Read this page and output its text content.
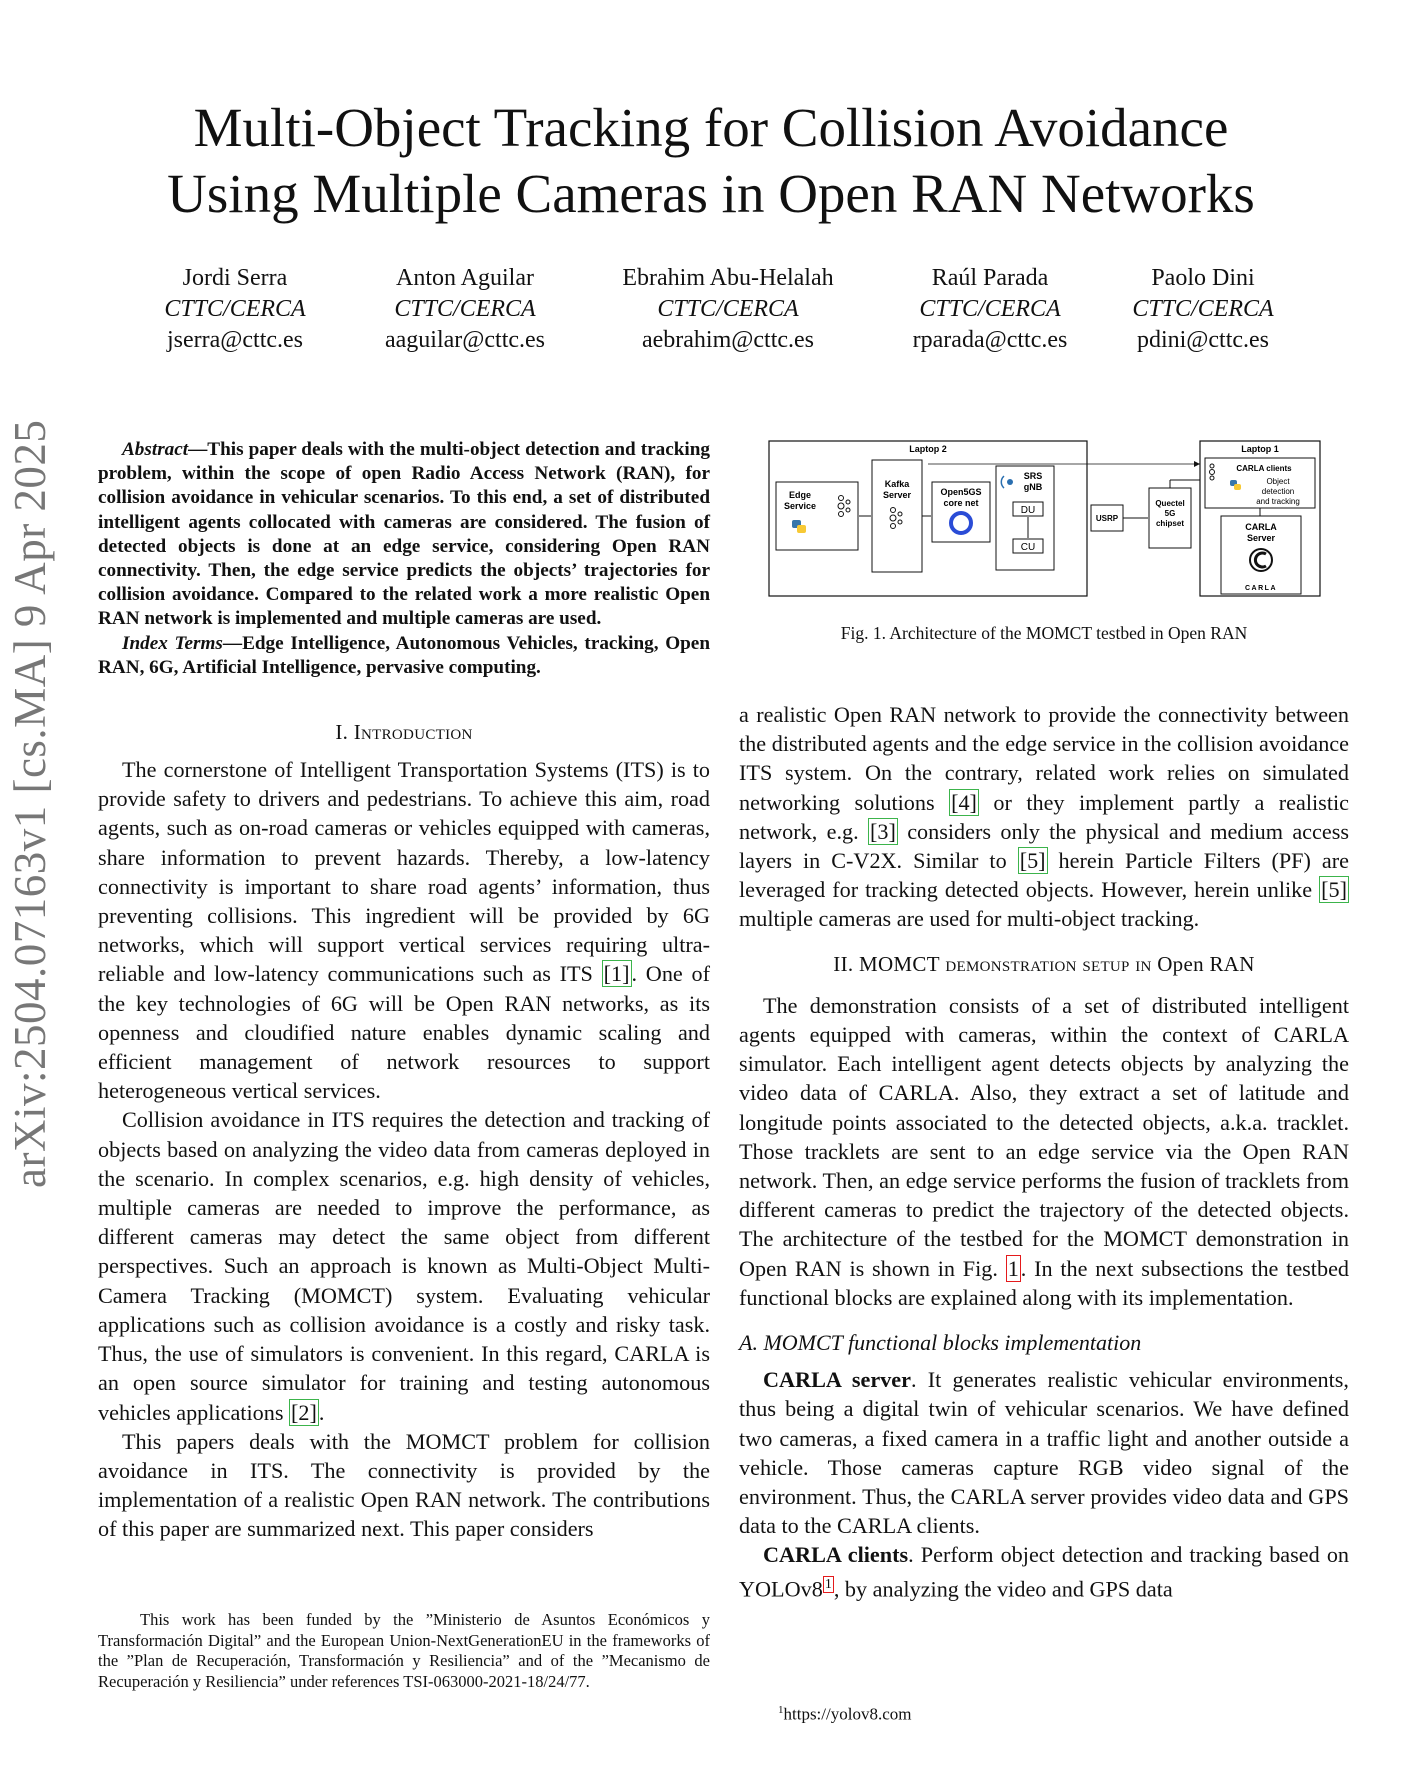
arXiv:2504.07163v1 [cs.MA] 9 Apr 2025
Multi-Object Tracking for Collision Avoidance
Using Multiple Cameras in Open RAN Networks
Jordi Serra
CTTC/CERCA
jserra@cttc.es
Anton Aguilar
CTTC/CERCA
aaguilar@cttc.es
Ebrahim Abu-Helalah
CTTC/CERCA
aebrahim@cttc.es
Raúl Parada
CTTC/CERCA
rparada@cttc.es
Paolo Dini
CTTC/CERCA
pdini@cttc.es

Abstract—This paper deals with the multi-object detection and tracking problem, within the scope of open Radio Access Network (RAN), for collision avoidance in vehicular scenarios. To this end, a set of distributed intelligent agents collocated with cameras are considered. The fusion of detected objects is done at an edge service, considering Open RAN connectivity. Then, the edge service predicts the objects’ trajectories for collision avoidance. Compared to the related work a more realistic Open RAN network is implemented and multiple cameras are used.

Index Terms—Edge Intelligence, Autonomous Vehicles, tracking, Open RAN, 6G, Artificial Intelligence, pervasive computing.

I. Introduction

The cornerstone of Intelligent Transportation Systems (ITS) is to provide safety to drivers and pedestrians. To achieve this aim, road agents, such as on-road cameras or vehicles equipped with cameras, share information to prevent hazards. Thereby, a low-latency connectivity is important to share road agents’ information, thus preventing collisions. This ingredient will be provided by 6G networks, which will support vertical services requiring ultra-reliable and low-latency communications such as ITS [1]. One of the key technologies of 6G will be Open RAN networks, as its openness and cloudified nature enables dynamic scaling and efficient management of network resources to support heterogeneous vertical services.

Collision avoidance in ITS requires the detection and tracking of objects based on analyzing the video data from cameras deployed in the scenario. In complex scenarios, e.g. high density of vehicles, multiple cameras are needed to improve the performance, as different cameras may detect the same object from different perspectives. Such an approach is known as Multi-Object Multi-Camera Tracking (MOMCT) system. Evaluating vehicular applications such as collision avoidance is a costly and risky task. Thus, the use of simulators is convenient. In this regard, CARLA is an open source simulator for training and testing autonomous vehicles applications [2].

This papers deals with the MOMCT problem for collision avoidance in ITS. The connectivity is provided by the implementation of a realistic Open RAN network. The contributions of this paper are summarized next. This paper considers

This work has been funded by the ”Ministerio de Asuntos Económicos y Transformación Digital” and the European Union-NextGenerationEU in the frameworks of the ”Plan de Recuperación, Transformación y Resiliencia” and of the ”Mecanismo de Recuperación y Resiliencia” under references TSI-063000-2021-18/24/77.
Laptop 2	Laptop 1
Edge
Service
Kafka
Server	Open5GS
core net
SRS
gNB
DU
CU
USRP
Quectel
5G
chipset
CARLA clients
Object
detection
and tracking
CARLA
Server
CARLA
Fig. 1. Architecture of the MOMCT testbed in Open RAN

a realistic Open RAN network to provide the connectivity between the distributed agents and the edge service in the collision avoidance ITS system. On the contrary, related work relies on simulated networking solutions [4] or they implement partly a realistic network, e.g. [3] considers only the physical and medium access layers in C-V2X. Similar to [5] herein Particle Filters (PF) are leveraged for tracking detected objects. However, herein unlike [5] multiple cameras are used for multi-object tracking.

II. MOMCT demonstration setup in Open RAN

The demonstration consists of a set of distributed intelligent agents equipped with cameras, within the context of CARLA simulator. Each intelligent agent detects objects by analyzing the video data of CARLA. Also, they extract a set of latitude and longitude points associated to the detected objects, a.k.a. tracklet. Those tracklets are sent to an edge service via the Open RAN network. Then, an edge service performs the fusion of tracklets from different cameras to predict the trajectory of the detected objects. The architecture of the testbed for the MOMCT demonstration in Open RAN is shown in Fig. 1. In the next subsections the testbed functional blocks are explained along with its implementation.

A. MOMCT functional blocks implementation

CARLA server. It generates realistic vehicular environments, thus being a digital twin of vehicular scenarios. We have defined two cameras, a fixed camera in a traffic light and another outside a vehicle. Those cameras capture RGB video signal of the environment. Thus, the CARLA server provides video data and GPS data to the CARLA clients.

CARLA clients. Perform object detection and tracking based on YOLOv8 $^1$, by analyzing the video and GPS data

$^1$https://yolov8.com
